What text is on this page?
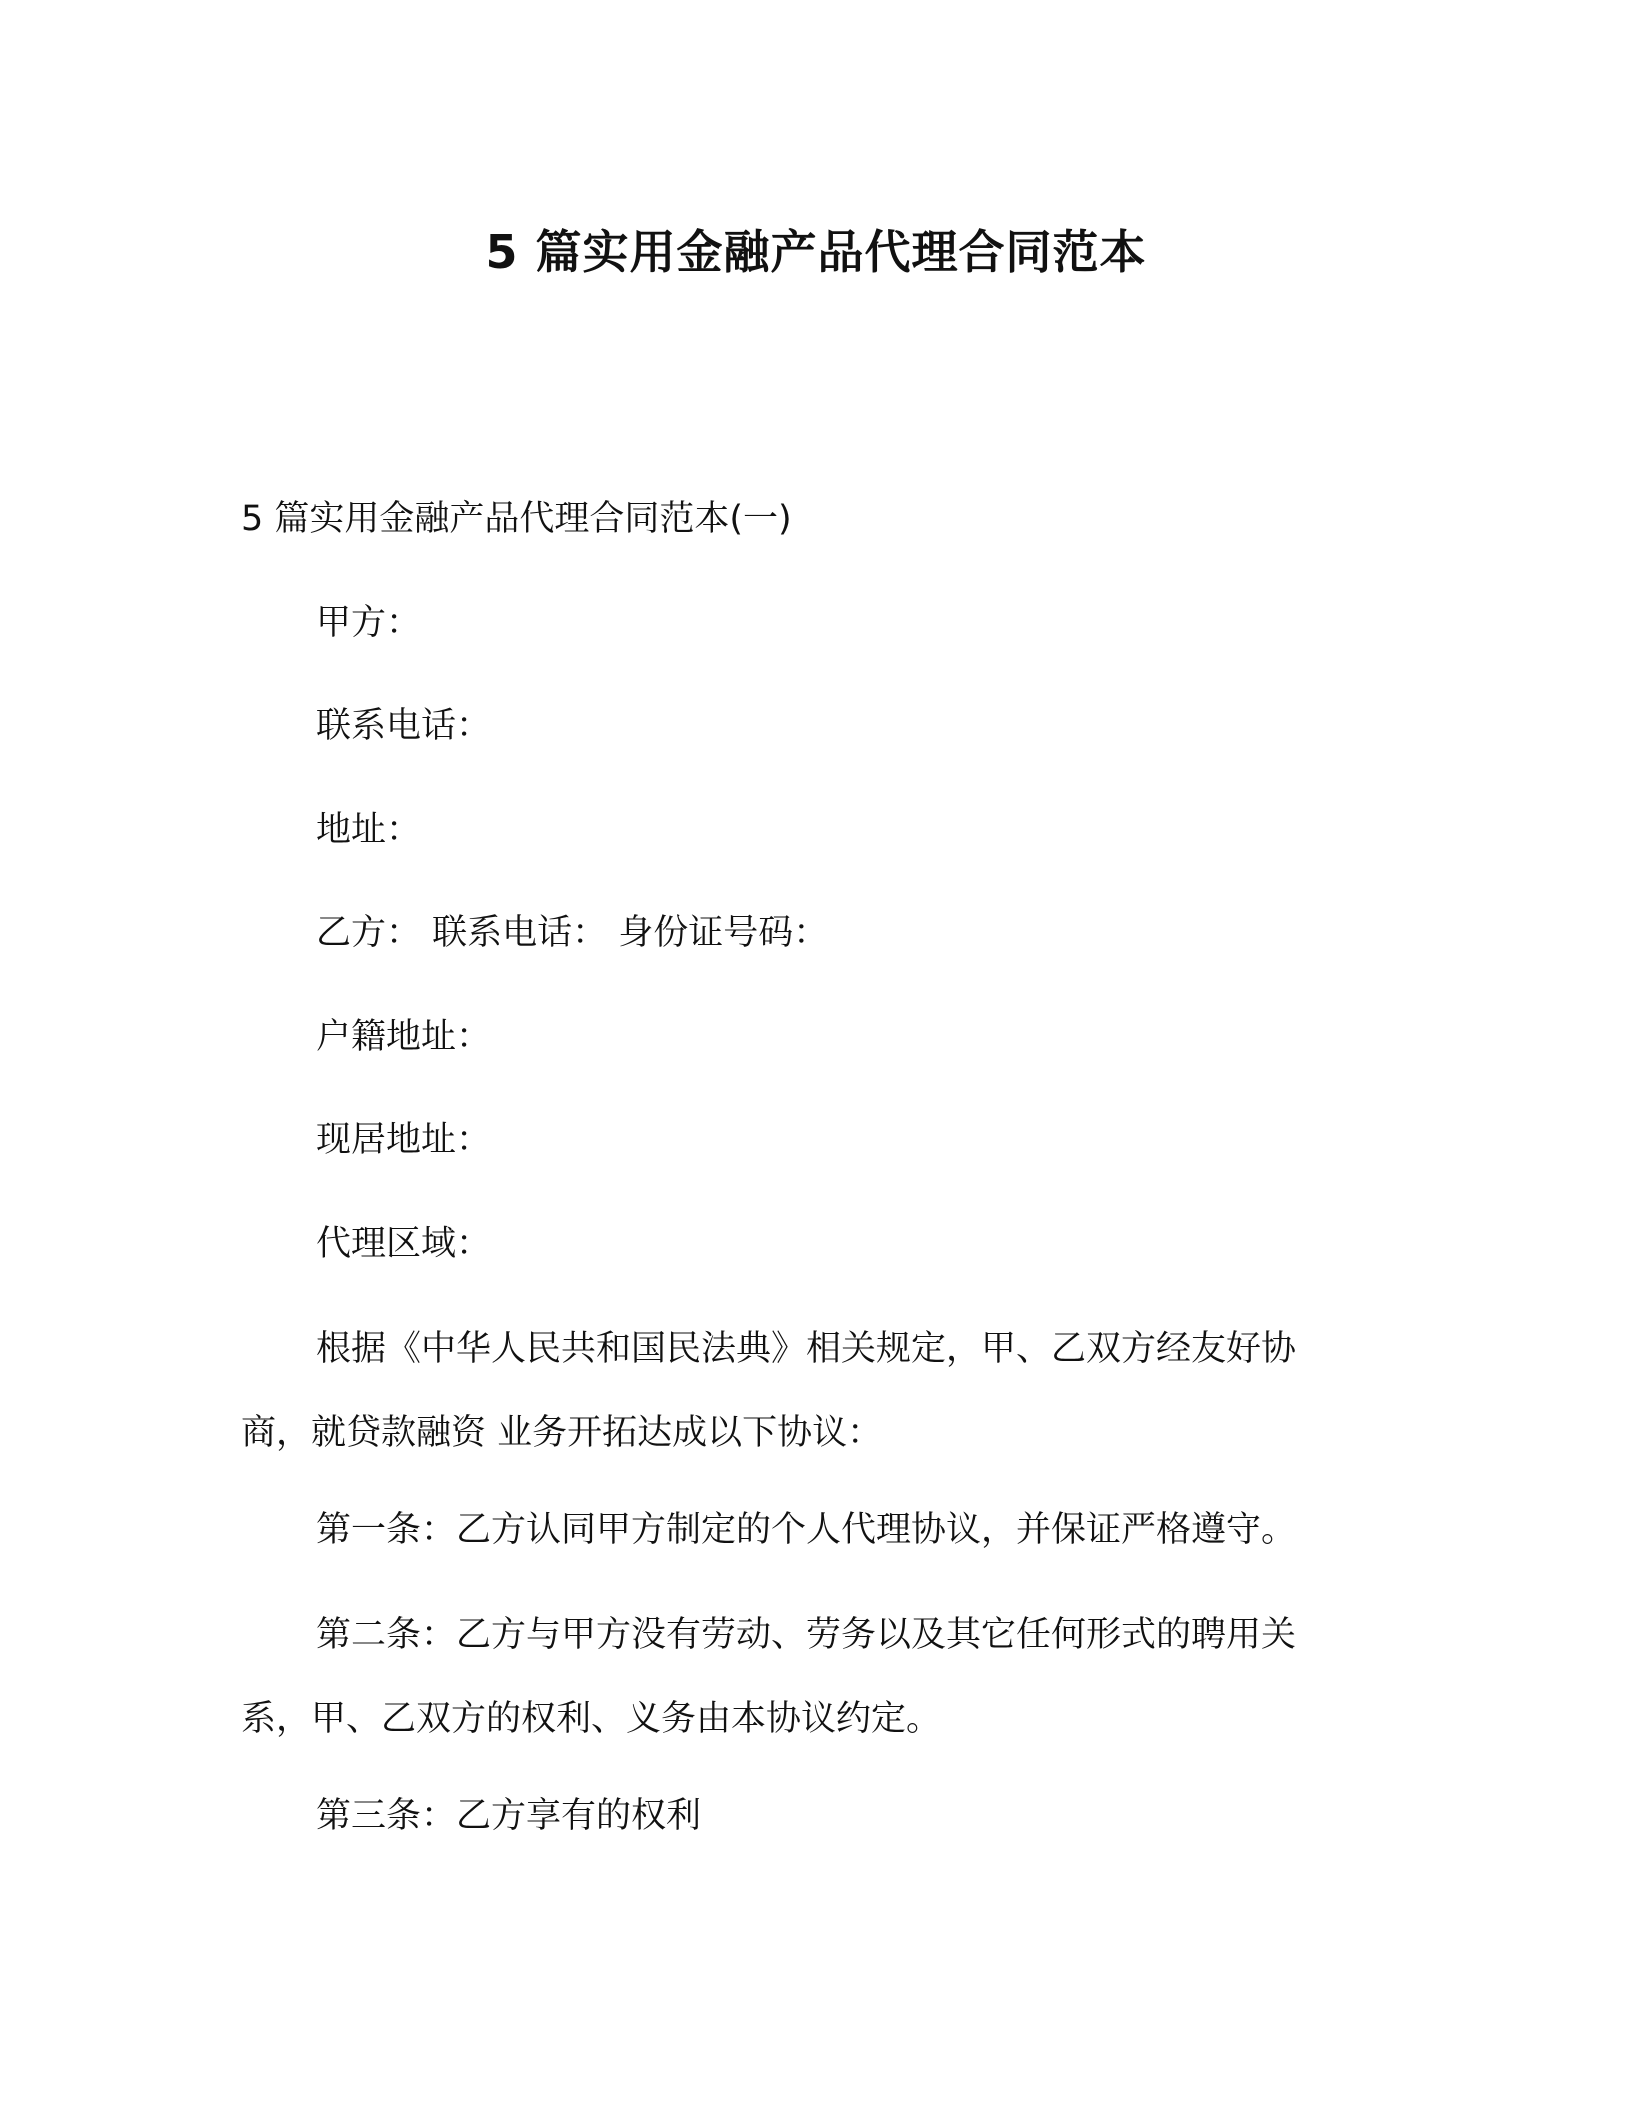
5 篇实用金融产品代理合同范本
5 篇实用金融产品代理合同范本(一)
甲方：
联系电话：
地址：
乙方： 联系电话： 身份证号码：
户籍地址：
现居地址：
代理区域：
根据《中华人民共和国民法典》相关规定，甲、乙双方经友好协商，就贷款融资 业务开拓达成以下协议：
第一条：乙方认同甲方制定的个人代理协议，并保证严格遵守。
第二条：乙方与甲方没有劳动、劳务以及其它任何形式的聘用关系，甲、乙双方的权利、义务由本协议约定。
第三条：乙方享有的权利
